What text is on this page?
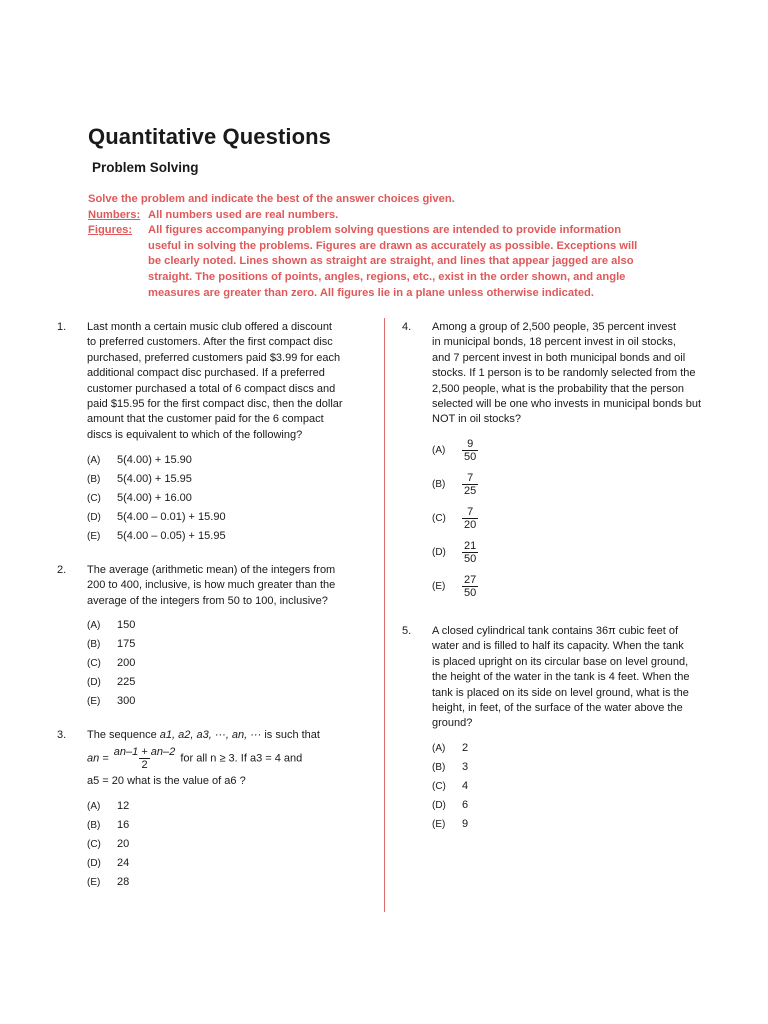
Quantitative Questions
Problem Solving
Solve the problem and indicate the best of the answer choices given.
Numbers: All numbers used are real numbers.
Figures:	All figures accompanying problem solving questions are intended to provide information
useful in solving the problems. Figures are drawn as accurately as possible. Exceptions will
be clearly noted. Lines shown as straight are straight, and lines that appear jagged are also
straight. The positions of points, angles, regions, etc., exist in the order shown, and angle
measures are greater than zero. All figures lie in a plane unless otherwise indicated.
1. Last month a certain music club offered a discount
to preferred customers. After the first compact disc
purchased, preferred customers paid $3.99 for each
additional compact disc purchased. If a preferred
customer purchased a total of 6 compact discs and
paid $15.95 for the first compact disc, then the dollar
amount that the customer paid for the 6 compact
discs is equivalent to which of the following?
(A) 5(4.00) + 15.90
(B) 5(4.00) + 15.95
(C) 5(4.00) + 16.00
(D) 5(4.00 – 0.01) + 15.90
(E) 5(4.00 – 0.05) + 15.95
2. The average (arithmetic mean) of the integers from
200 to 400, inclusive, is how much greater than the
average of the integers from 50 to 100, inclusive?
(A) 150
(B) 175
(C) 200
(D) 225
(E) 300
3. The sequence a1, a2, a3, ···, an, ··· is such that
an = $\frac{an-1 + an-2}{2}$ for all n ≥ 3. If a3 = 4 and
a5 = 20 what is the value of a6 ?
(A) 12
(B) 16
(C) 20
(D) 24
(E) 28
4. Among a group of 2,500 people, 35 percent invest
in municipal bonds, 18 percent invest in oil stocks,
and 7 percent invest in both municipal bonds and oil
stocks. If 1 person is to be randomly selected from the
2,500 people, what is the probability that the person
selected will be one who invests in municipal bonds but
NOT in oil stocks?
$(A) \frac{9}{50}$
$(B) \frac{7}{25}$
$(C) \frac{7}{20}$
$(D) \frac{21}{50}$
$(E) \frac{27}{50}$
5. A closed cylindrical tank contains 36π cubic feet of
water and is filled to half its capacity. When the tank
is placed upright on its circular base on level ground,
the height of the water in the tank is 4 feet. When the
tank is placed on its side on level ground, what is the
height, in feet, of the surface of the water above the
ground?
(A) 2
(B) 3
(C) 4
(D) 6
(E) 9
